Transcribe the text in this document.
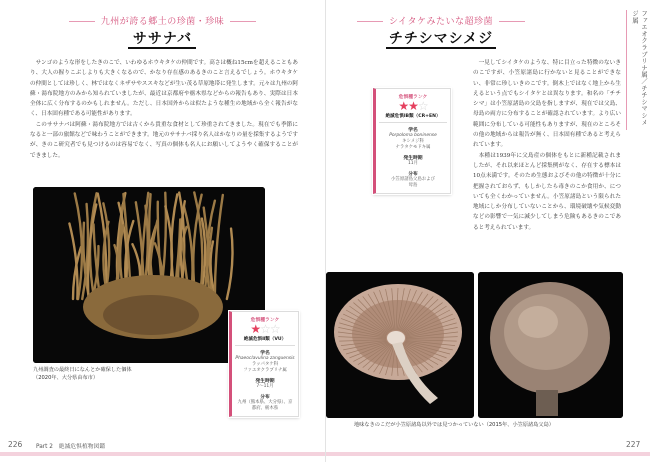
九州が誇る郷土の珍菌・珍味
ササナバ

サンゴのような形をしたきのこで、いわゆるホウキタケの仲間です。高さは概ね15cmを超えることもあり、大人の握りこぶしよりも大きくなるので、かなり存在感のあるきのこと言えるでしょう。ホウキタケの仲間としては珍しく、林ではなくネザサやススキなどが生い茂る草原地帯に発生します。元々は九州の阿蘇・湯布院地方のみから知られていましたが、最近は京都府や栃木県などからの報告もあり、実際は日本全体に広く分布するのかもしれません。ただし、日本国外からは似たような種生の地域から全く報告がなく、日本固有種である可能性があります。

このササナバは阿蘇・湯布院地方では古くから貴重な食材として珍重されてきました。現在でも季節になると一部の旅館などで味わうことができます。地元のササナバ採り名人はかなりの量を採集するようですが、きのこ研究者でも見つけるのは容易でなく、写真の個体も名人にお願いしてようやく確保することができました。

九州調査の最終日になんとか確保した個体
（2020年、大分県由布市）
危惧種ランク
★☆☆
絶滅危惧Ⅱ類（VU）
学名
Phaeoclavulina zanguensis
ラッパタケ科
ファエオクラブリナ属
発生時期
7〜11月
分布
九州（熊本県、大分県）、京
都府、栃木県
226 Part 2　絶滅危惧植物図鑑
シイタケみたいな超珍菌
チチシマシメジ
危惧種ランク
★★☆
絶滅危惧ⅠB類（CR+EN）
学名
Porpoloma boninense
キシメジ科
ナラタケモドキ属
発生時期
11月
分布
小笠原諸島父島および
母島

一見してシイタケのような、特に目立った特徴のないきのこですが、小笠原諸島に行かないと見ることができない、非常に珍しいきのこです。倒木上ではなく地上から生えるという点でもシイタケとは異なります。和名の「チチシマ」は小笠原諸島の父島を指しますが、現在では父島、母島の両方に分布することが確認されています。より広い範囲に分布している可能性もありますが、現在のところその他の地域からは報告が無く、日本固有種であると考えられています。

本種は1939年に父島産の個体をもとに新種記載されましたが、それ以来ほとんど採集例がなく、存在する標本は10点未満です。そのため生態およびその他の特徴が十分に把握されておらず、もしかしたら毒きのこか食用か、についても全くわかっていません。小笠原諸島という限られた地域にしか分布していないことから、環境破壊や気候変動などの影響で一気に減少してしまう危険もあるきのこであると考えられています。

地味なきのこだが小笠原諸島以外では見つかっていない（2015年、小笠原諸島父島）
227
ファエオクラブリナ属／チチシマシメジ属
